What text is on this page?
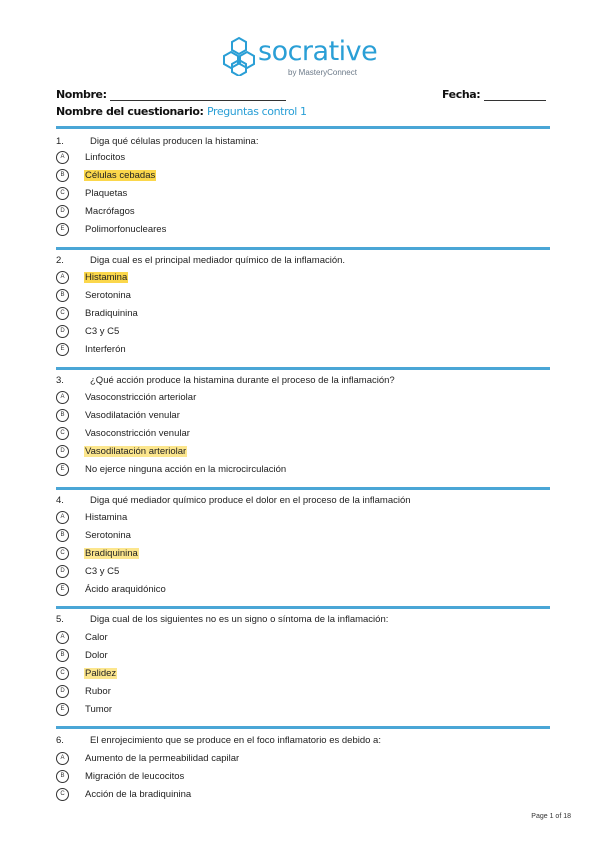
socrative
by MasteryConnect
Nombre:	Fecha:
Nombre del cuestionario: Preguntas control 1
1.	Diga qué células producen la histamina:
A	Linfocitos
B	Células cebadas
C	Plaquetas
D	Macrófagos
E	Polimorfonucleares
2.	Diga cual es el principal mediador químico de la inflamación.
A	Histamina
B	Serotonina
C	Bradiquinina
D	C3 y C5
E	Interferón
3.	¿Qué acción produce la histamina durante el proceso de la inflamación?
A	Vasoconstricción arteriolar
B	Vasodilatación venular
C	Vasoconstricción venular
D	Vasodilatación arteriolar
E	No ejerce ninguna acción en la microcirculación
4.	Diga qué mediador químico produce el dolor en el proceso de la inflamación
A	Histamina
B	Serotonina
C	Bradiquinina
D	C3 y C5
E	Ácido araquidónico
5.	Diga cual de los siguientes no es un signo o síntoma de la inflamación:
A	Calor
B	Dolor
C	Palidez
D	Rubor
E	Tumor
6.	El enrojecimiento que se produce en el foco inflamatorio es debido a:
A	Aumento de la permeabilidad capilar
B	Migración de leucocitos
C	Acción de la bradiquinina
Page 1 of 18
